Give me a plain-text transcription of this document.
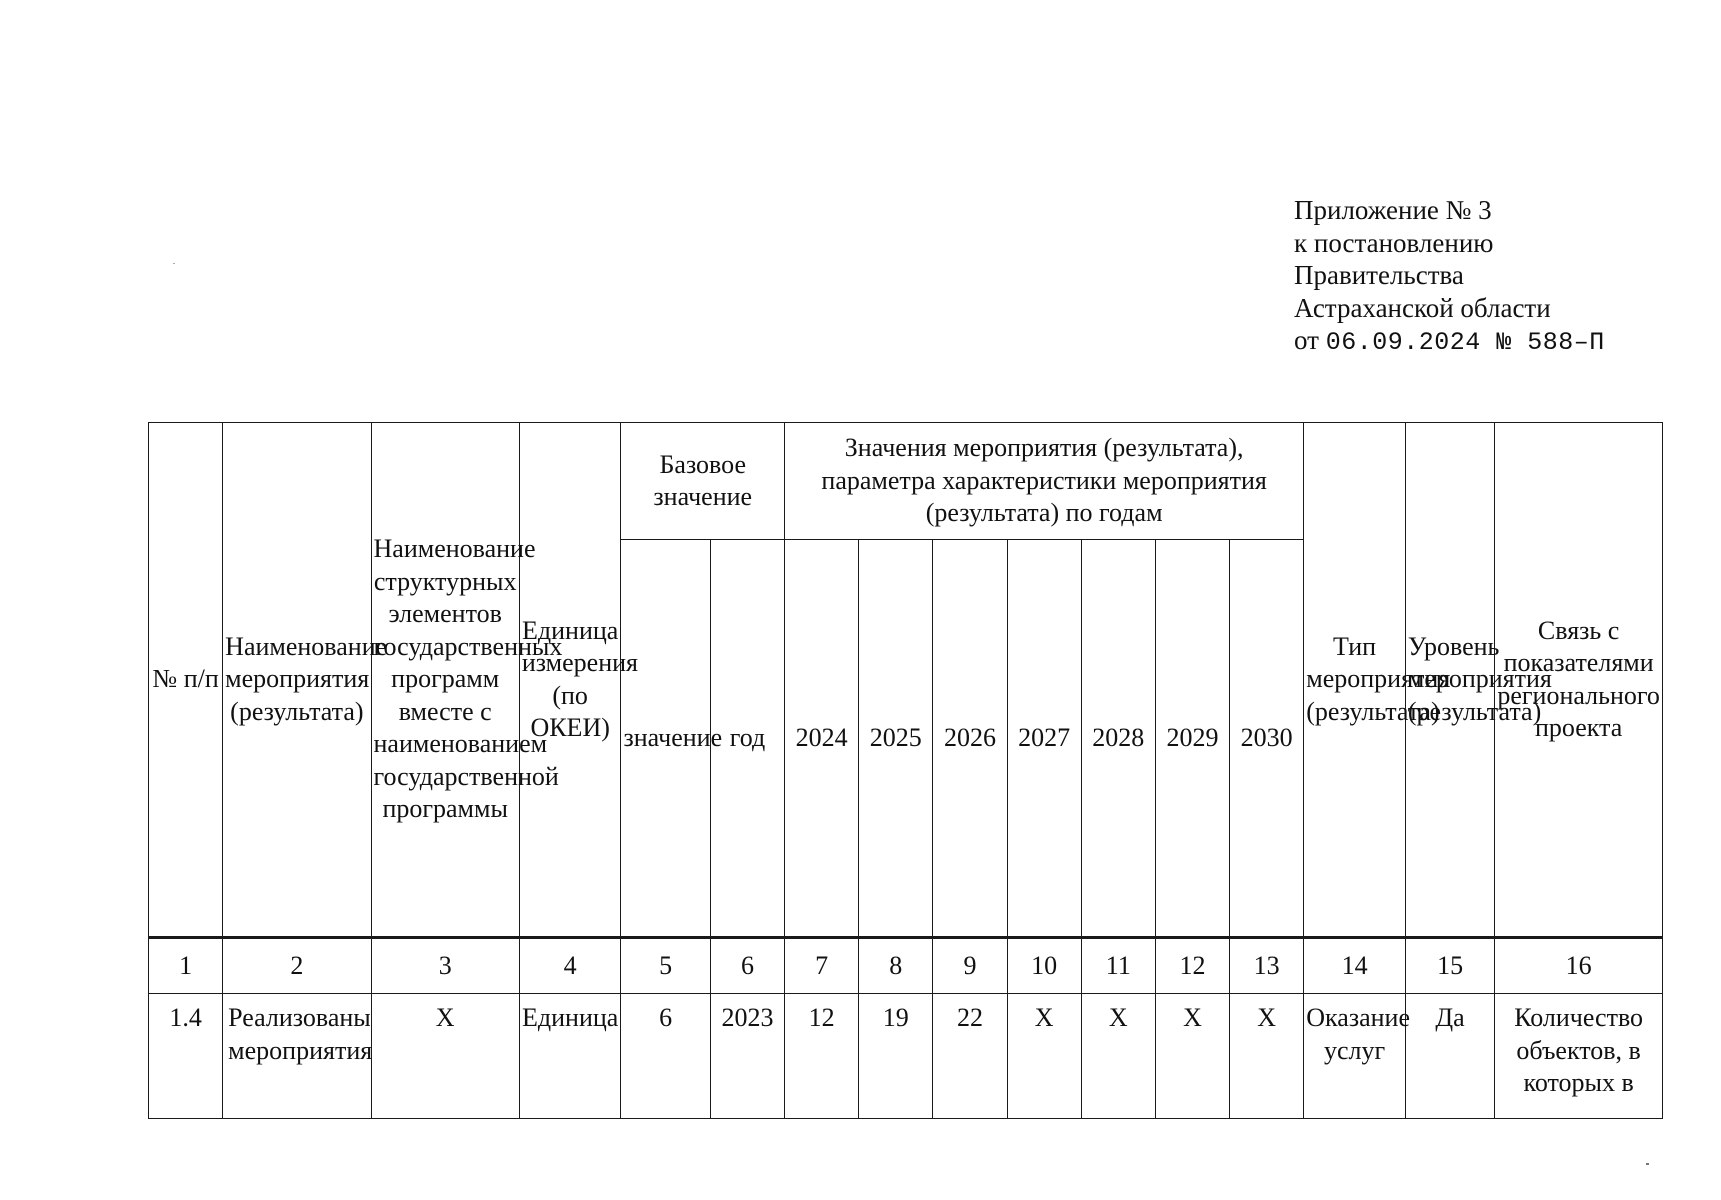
Приложение № 3
к постановлению
Правительства
Астраханской области
от 06.09.2024 № 588–П
№ п/п	Наименование мероприятия (результата)	Наименование структурных элементов государственных программ вместе с наименованием государственной программы	Единица измерения (по ОКЕИ)	Базовое значение		Значения мероприятия (результата), параметра характеристики мероприятия (результата) по годам							Тип мероприятия (результата)	Уровень мероприятия (результата)	Связь с показателями регионального проекта
				значение	год	2024	2025	2026	2027	2028	2029	2030			
1	2	3	4	5	6	7	8	9	10	11	12	13	14	15	16
1.4	Реализованы мероприятия	Х	Единица	6	2023	12	19	22	Х	Х	Х	Х	Оказание услуг	Да	Количество объектов, в которых в
